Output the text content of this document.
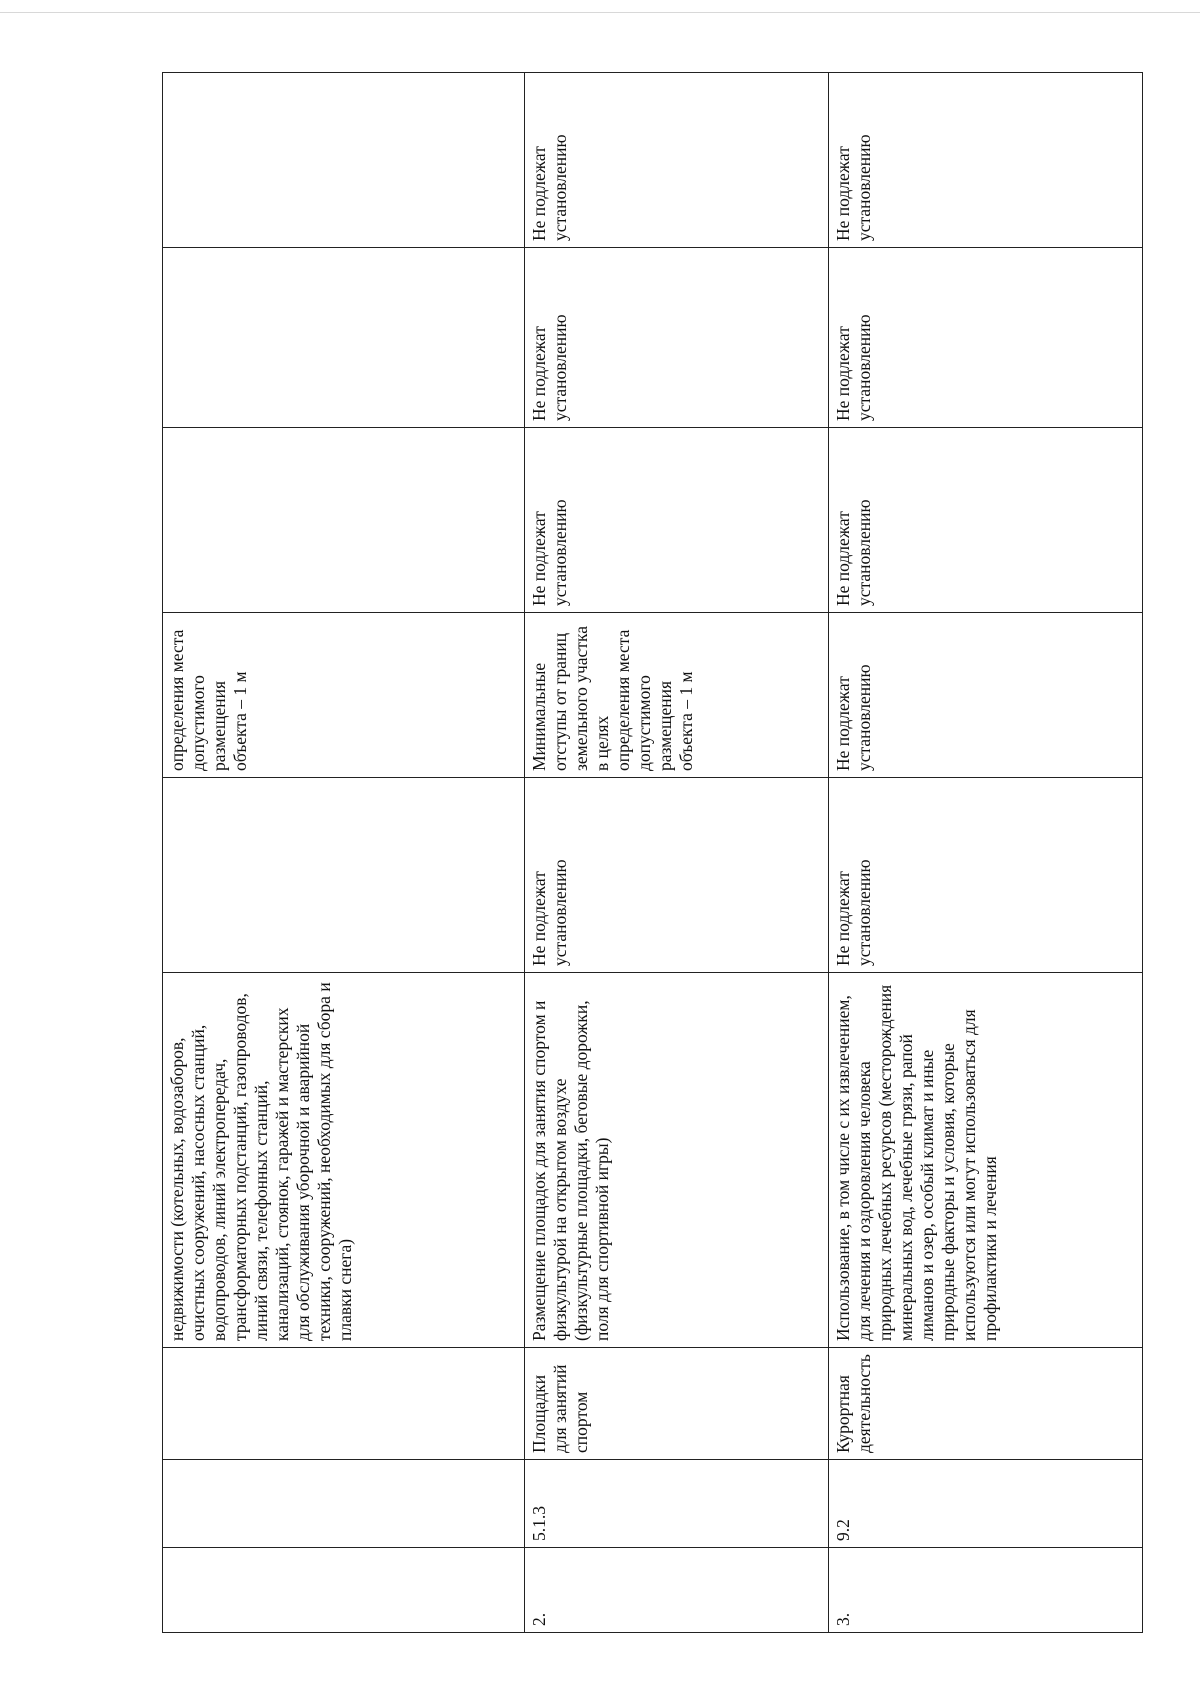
			недвижимости (котельных, водозаборов, очистных сооружений, насосных станций, водопроводов, линий электропередач, трансформаторных подстанций, газопроводов, линий связи, телефонных станций, канализаций, стоянок, гаражей и мастерских для обслуживания уборочной и аварийной техники, сооружений, необходимых для сбора и плавки снега)		определения места допустимого размещения объекта – 1 м			
2.	5.1.3	Площадки для занятий спортом	Размещение площадок для занятия спортом и физкультурой на открытом воздухе (физкультурные площадки, беговые дорожки, поля для спортивной игры)	Не подлежат установлению	Минимальные отступы от границ земельного участка в целях определения места допустимого размещения объекта – 1 м	Не подлежат установлению	Не подлежат установлению	Не подлежат установлению
3.	9.2	Курортная деятельность	Использование, в том числе с их извлечением, для лечения и оздоровления человека природных лечебных ресурсов (месторождения минеральных вод, лечебные грязи, рапой лиманов и озер, особый климат и иные природные факторы и условия, которые используются или могут использоваться для профилактики и лечения	Не подлежат установлению	Не подлежат установлению	Не подлежат установлению	Не подлежат установлению	Не подлежат установлению
